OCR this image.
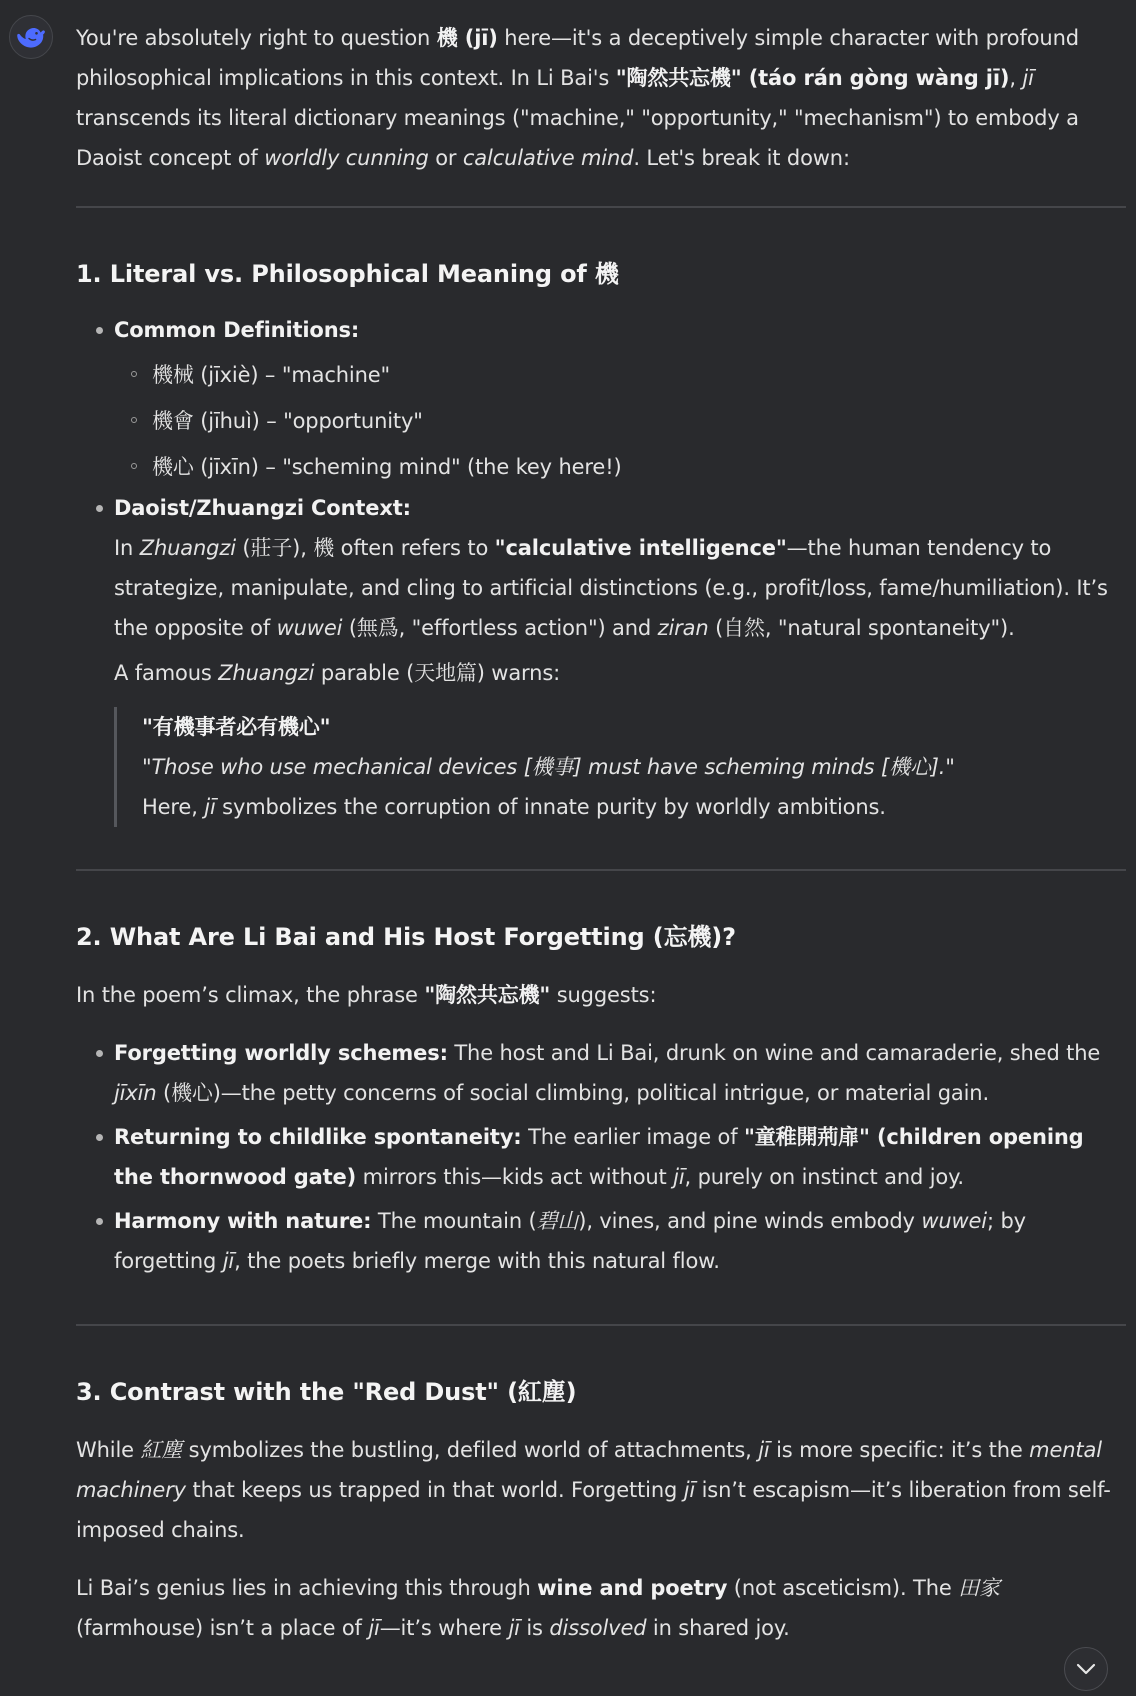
You're absolutely right to question 機 (jī) here—it's a deceptively simple character with profound philosophical implications in this context. In Li Bai's "陶然共忘機" (táo rán gòng wàng jī), jī transcends its literal dictionary meanings ("machine," "opportunity," "mechanism") to embody a Daoist concept of worldly cunning or calculative mind. Let's break it down:

1. Literal vs. Philosophical Meaning of 機
Common Definitions:
機械 (jīxiè) – "machine"
機會 (jīhuì) – "opportunity"
機心 (jīxīn) – "scheming mind" (the key here!)
Daoist/Zhuangzi Context:

In Zhuangzi (莊子), 機 often refers to "calculative intelligence"—the human tendency to strategize, manipulate, and cling to artificial distinctions (e.g., profit/loss, fame/humiliation). It’s the opposite of wuwei (無爲, "effortless action") and ziran (自然, "natural spontaneity").

A famous Zhuangzi parable (天地篇) warns:

"有機事者必有機心"

"Those who use mechanical devices [機事] must have scheming minds [機心]."

Here, jī symbolizes the corruption of innate purity by worldly ambitions.

2. What Are Li Bai and His Host Forgetting (忘機)?

In the poem’s climax, the phrase "陶然共忘機" suggests:

Forgetting worldly schemes: The host and Li Bai, drunk on wine and camaraderie, shed the jīxīn (機心)—the petty concerns of social climbing, political intrigue, or material gain.
Returning to childlike spontaneity: The earlier image of "童稚開荊扉" (children opening the thornwood gate) mirrors this—kids act without jī, purely on instinct and joy.
Harmony with nature: The mountain (碧山), vines, and pine winds embody wuwei; by forgetting jī, the poets briefly merge with this natural flow.
3. Contrast with the "Red Dust" (紅塵)

While 紅塵 symbolizes the bustling, defiled world of attachments, jī is more specific: it’s the mental machinery that keeps us trapped in that world. Forgetting jī isn’t escapism—it’s liberation from self-imposed chains.

Li Bai’s genius lies in achieving this through wine and poetry (not asceticism). The 田家 (farmhouse) isn’t a place of jī—it’s where jī is dissolved in shared joy.
